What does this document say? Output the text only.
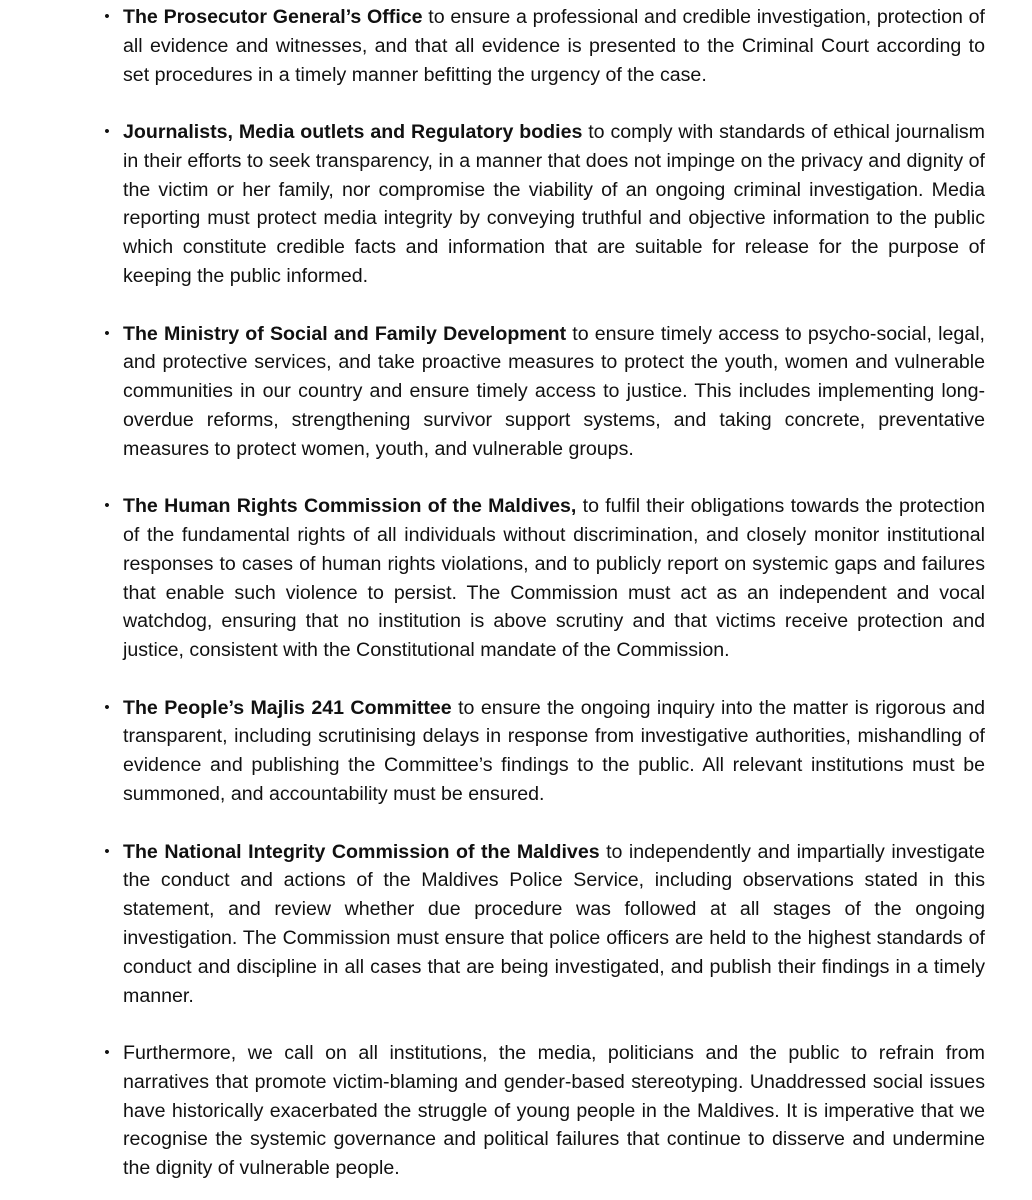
• The Prosecutor General’s Office to ensure a professional and credible investigation, protection of all evidence and witnesses, and that all evidence is presented to the Criminal Court according to set procedures in a timely manner befitting the urgency of the case.
• Journalists, Media outlets and Regulatory bodies to comply with standards of ethical journalism in their efforts to seek transparency, in a manner that does not impinge on the privacy and dignity of the victim or her family, nor compromise the viability of an ongoing criminal investigation. Media reporting must protect media integrity by conveying truthful and objective information to the public which constitute credible facts and information that are suitable for release for the purpose of keeping the public informed.
• The Ministry of Social and Family Development to ensure timely access to psycho-social, legal, and protective services, and take proactive measures to protect the youth, women and vulnerable communities in our country and ensure timely access to justice. This includes implementing long-overdue reforms, strengthening survivor support systems, and taking concrete, preventative measures to protect women, youth, and vulnerable groups.
• The Human Rights Commission of the Maldives, to fulfil their obligations towards the protection of the fundamental rights of all individuals without discrimination, and closely monitor institutional responses to cases of human rights violations, and to publicly report on systemic gaps and failures that enable such violence to persist. The Commission must act as an independent and vocal watchdog, ensuring that no institution is above scrutiny and that victims receive protection and justice, consistent with the Constitutional mandate of the Commission.
• The People’s Majlis 241 Committee to ensure the ongoing inquiry into the matter is rigorous and transparent, including scrutinising delays in response from investigative authorities, mishandling of evidence and publishing the Committee’s findings to the public. All relevant institutions must be summoned, and accountability must be ensured.
• The National Integrity Commission of the Maldives to independently and impartially investigate the conduct and actions of the Maldives Police Service, including observations stated in this statement, and review whether due procedure was followed at all stages of the ongoing investigation. The Commission must ensure that police officers are held to the highest standards of conduct and discipline in all cases that are being investigated, and publish their findings in a timely manner.
• Furthermore, we call on all institutions, the media, politicians and the public to refrain from narratives that promote victim-blaming and gender-based stereotyping. Unaddressed social issues have historically exacerbated the struggle of young people in the Maldives. It is imperative that we recognise the systemic governance and political failures that continue to disserve and undermine the dignity of vulnerable people.
